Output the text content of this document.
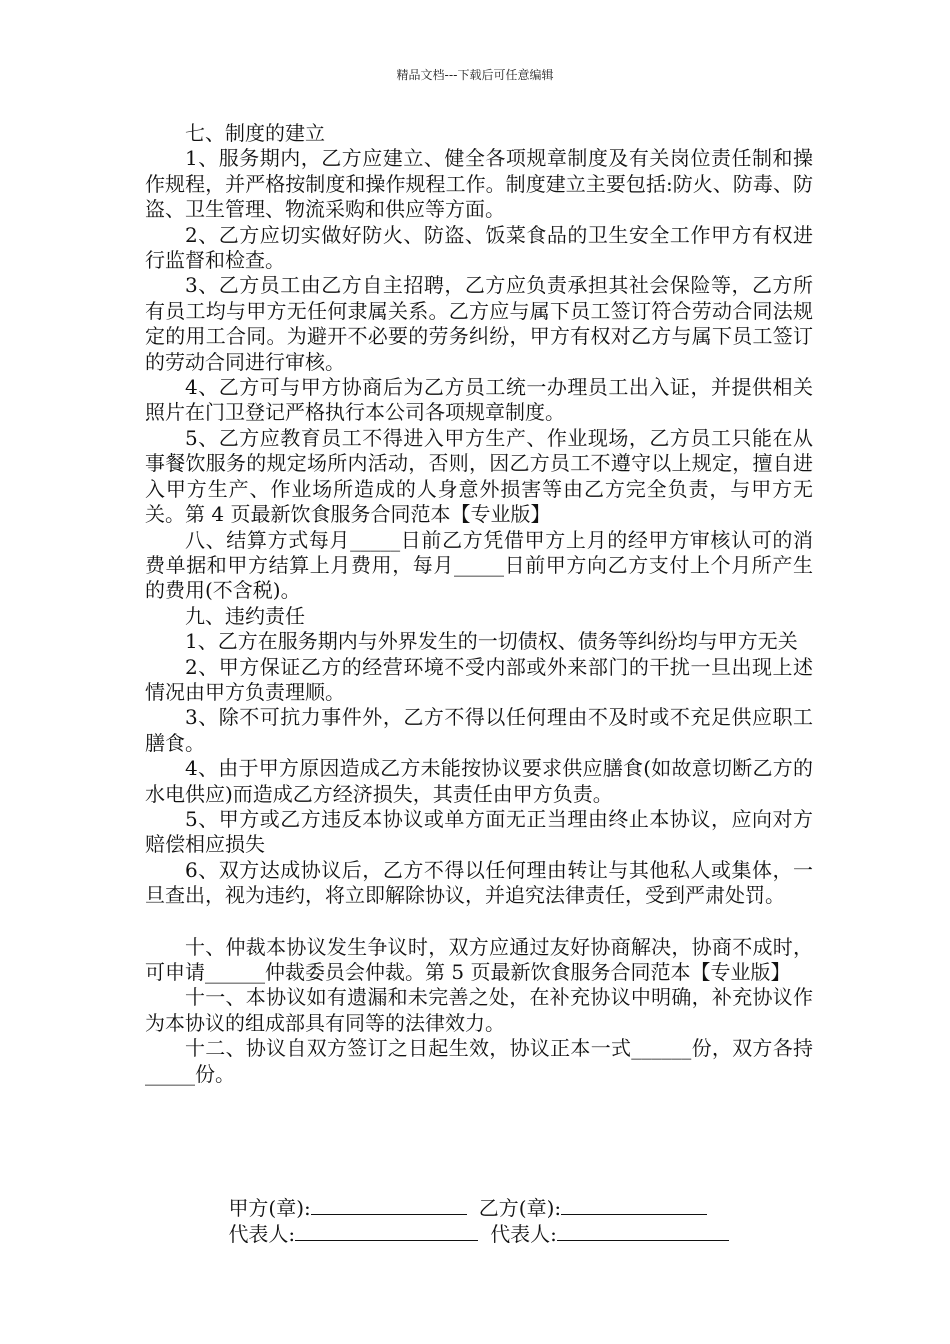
精品文档---下载后可任意编辑

七、制度的建立

1、服务期内，乙方应建立、健全各项规章制度及有关岗位责任制和操作规程，并严格按制度和操作规程工作。制度建立主要包括:防火、防毒、防盗、卫生管理、物流采购和供应等方面。

2、乙方应切实做好防火、防盗、饭菜食品的卫生安全工作甲方有权进行监督和检查。

3、乙方员工由乙方自主招聘，乙方应负责承担其社会保险等，乙方所有员工均与甲方无任何隶属关系。乙方应与属下员工签订符合劳动合同法规定的用工合同。为避开不必要的劳务纠纷，甲方有权对乙方与属下员工签订的劳动合同进行审核。

4、乙方可与甲方协商后为乙方员工统一办理员工出入证，并提供相关照片在门卫登记严格执行本公司各项规章制度。

5、乙方应教育员工不得进入甲方生产、作业现场，乙方员工只能在从事餐饮服务的规定场所内活动，否则，因乙方员工不遵守以上规定，擅自进入甲方生产、作业场所造成的人身意外损害等由乙方完全负责，与甲方无关。第 4 页最新饮食服务合同范本【专业版】

八、结算方式每月_____日前乙方凭借甲方上月的经甲方审核认可的消费单据和甲方结算上月费用，每月_____日前甲方向乙方支付上个月所产生的费用(不含税)。

九、违约责任

1、乙方在服务期内与外界发生的一切债权、债务等纠纷均与甲方无关

2、甲方保证乙方的经营环境不受内部或外来部门的干扰一旦出现上述情况由甲方负责理顺。

3、除不可抗力事件外，乙方不得以任何理由不及时或不充足供应职工膳食。

4、由于甲方原因造成乙方未能按协议要求供应膳食(如故意切断乙方的水电供应)而造成乙方经济损失，其责任由甲方负责。

5、甲方或乙方违反本协议或单方面无正当理由终止本协议，应向对方赔偿相应损失

6、双方达成协议后，乙方不得以任何理由转让与其他私人或集体，一旦查出，视为违约，将立即解除协议，并追究法律责任，受到严肃处罚。

十、仲裁本协议发生争议时，双方应通过友好协商解决，协商不成时，可申请______仲裁委员会仲裁。第 5 页最新饮食服务合同范本【专业版】

十一、本协议如有遗漏和未完善之处，在补充协议中明确，补充协议作为本协议的组成部具有同等的法律效力。

十二、协议自双方签订之日起生效，协议正本一式______份，双方各持_____份。

甲方(章):	乙方(章):

代表人:	代表人:
